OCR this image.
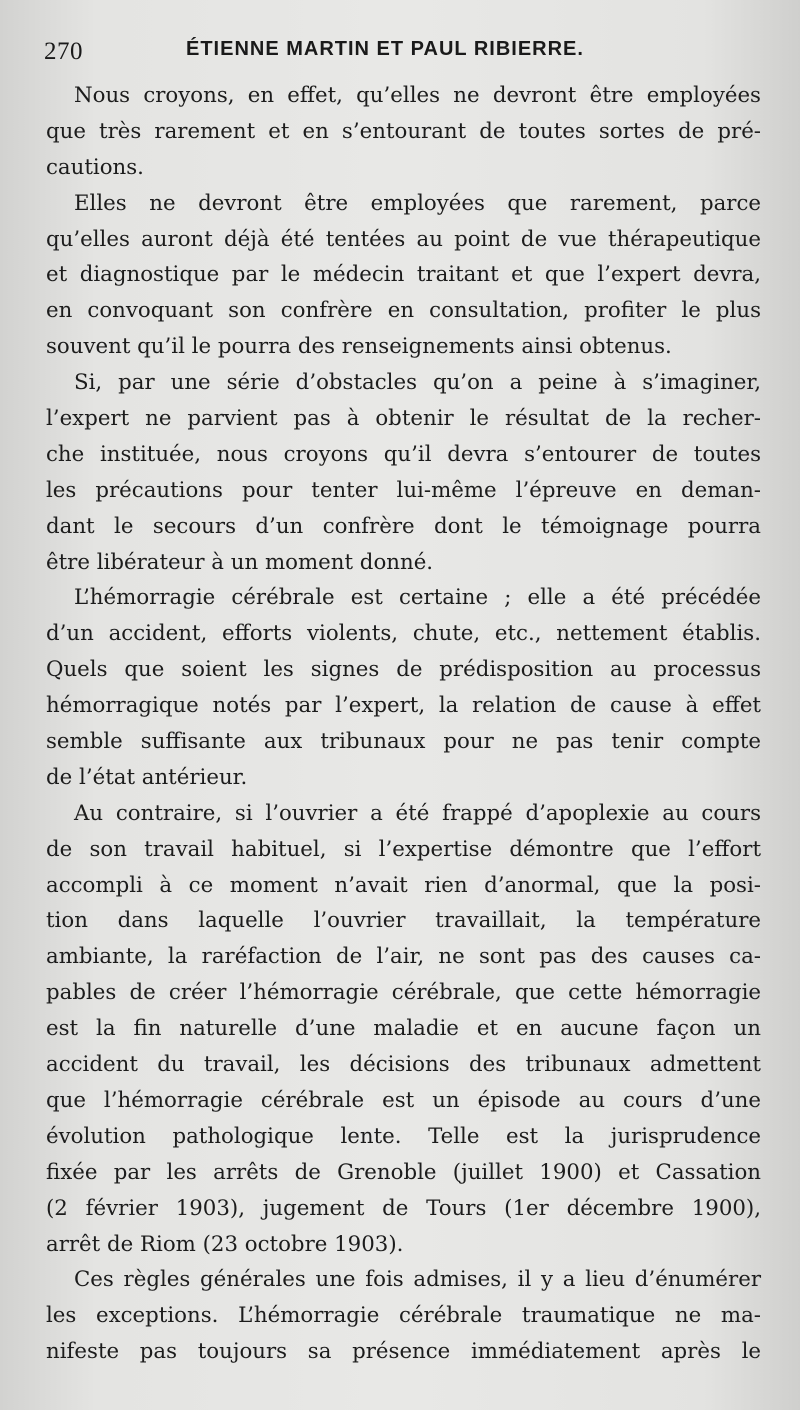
270	ÉTIENNE MARTIN ET PAUL RIBIERRE.
Nous croyons, en effet, qu’elles ne devront être employées
que très rarement et en s’entourant de toutes sortes de pré-
cautions.
Elles ne devront être employées que rarement, parce
qu’elles auront déjà été tentées au point de vue thérapeutique
et diagnostique par le médecin traitant et que l’expert devra,
en convoquant son confrère en consultation, profiter le plus
souvent qu’il le pourra des renseignements ainsi obtenus.
Si, par une série d’obstacles qu’on a peine à s’imaginer,
l’expert ne parvient pas à obtenir le résultat de la recher-
che instituée, nous croyons qu’il devra s’entourer de toutes
les précautions pour tenter lui-même l’épreuve en deman-
dant le secours d’un confrère dont le témoignage pourra
être libérateur à un moment donné.
L’hémorragie cérébrale est certaine ; elle a été précédée
d’un accident, efforts violents, chute, etc., nettement établis.
Quels que soient les signes de prédisposition au processus
hémorragique notés par l’expert, la relation de cause à effet
semble suffisante aux tribunaux pour ne pas tenir compte
de l’état antérieur.
Au contraire, si l’ouvrier a été frappé d’apoplexie au cours
de son travail habituel, si l’expertise démontre que l’effort
accompli à ce moment n’avait rien d’anormal, que la posi-
tion dans laquelle l’ouvrier travaillait, la température
ambiante, la raréfaction de l’air, ne sont pas des causes ca-
pables de créer l’hémorragie cérébrale, que cette hémorragie
est la fin naturelle d’une maladie et en aucune façon un
accident du travail, les décisions des tribunaux admettent
que l’hémorragie cérébrale est un épisode au cours d’une
évolution pathologique lente. Telle est la jurisprudence
fixée par les arrêts de Grenoble (juillet 1900) et Cassation
(2 février 1903), jugement de Tours (1er décembre 1900),
arrêt de Riom (23 octobre 1903).
Ces règles générales une fois admises, il y a lieu d’énumérer
les exceptions. L’hémorragie cérébrale traumatique ne ma-
nifeste pas toujours sa présence immédiatement après le
